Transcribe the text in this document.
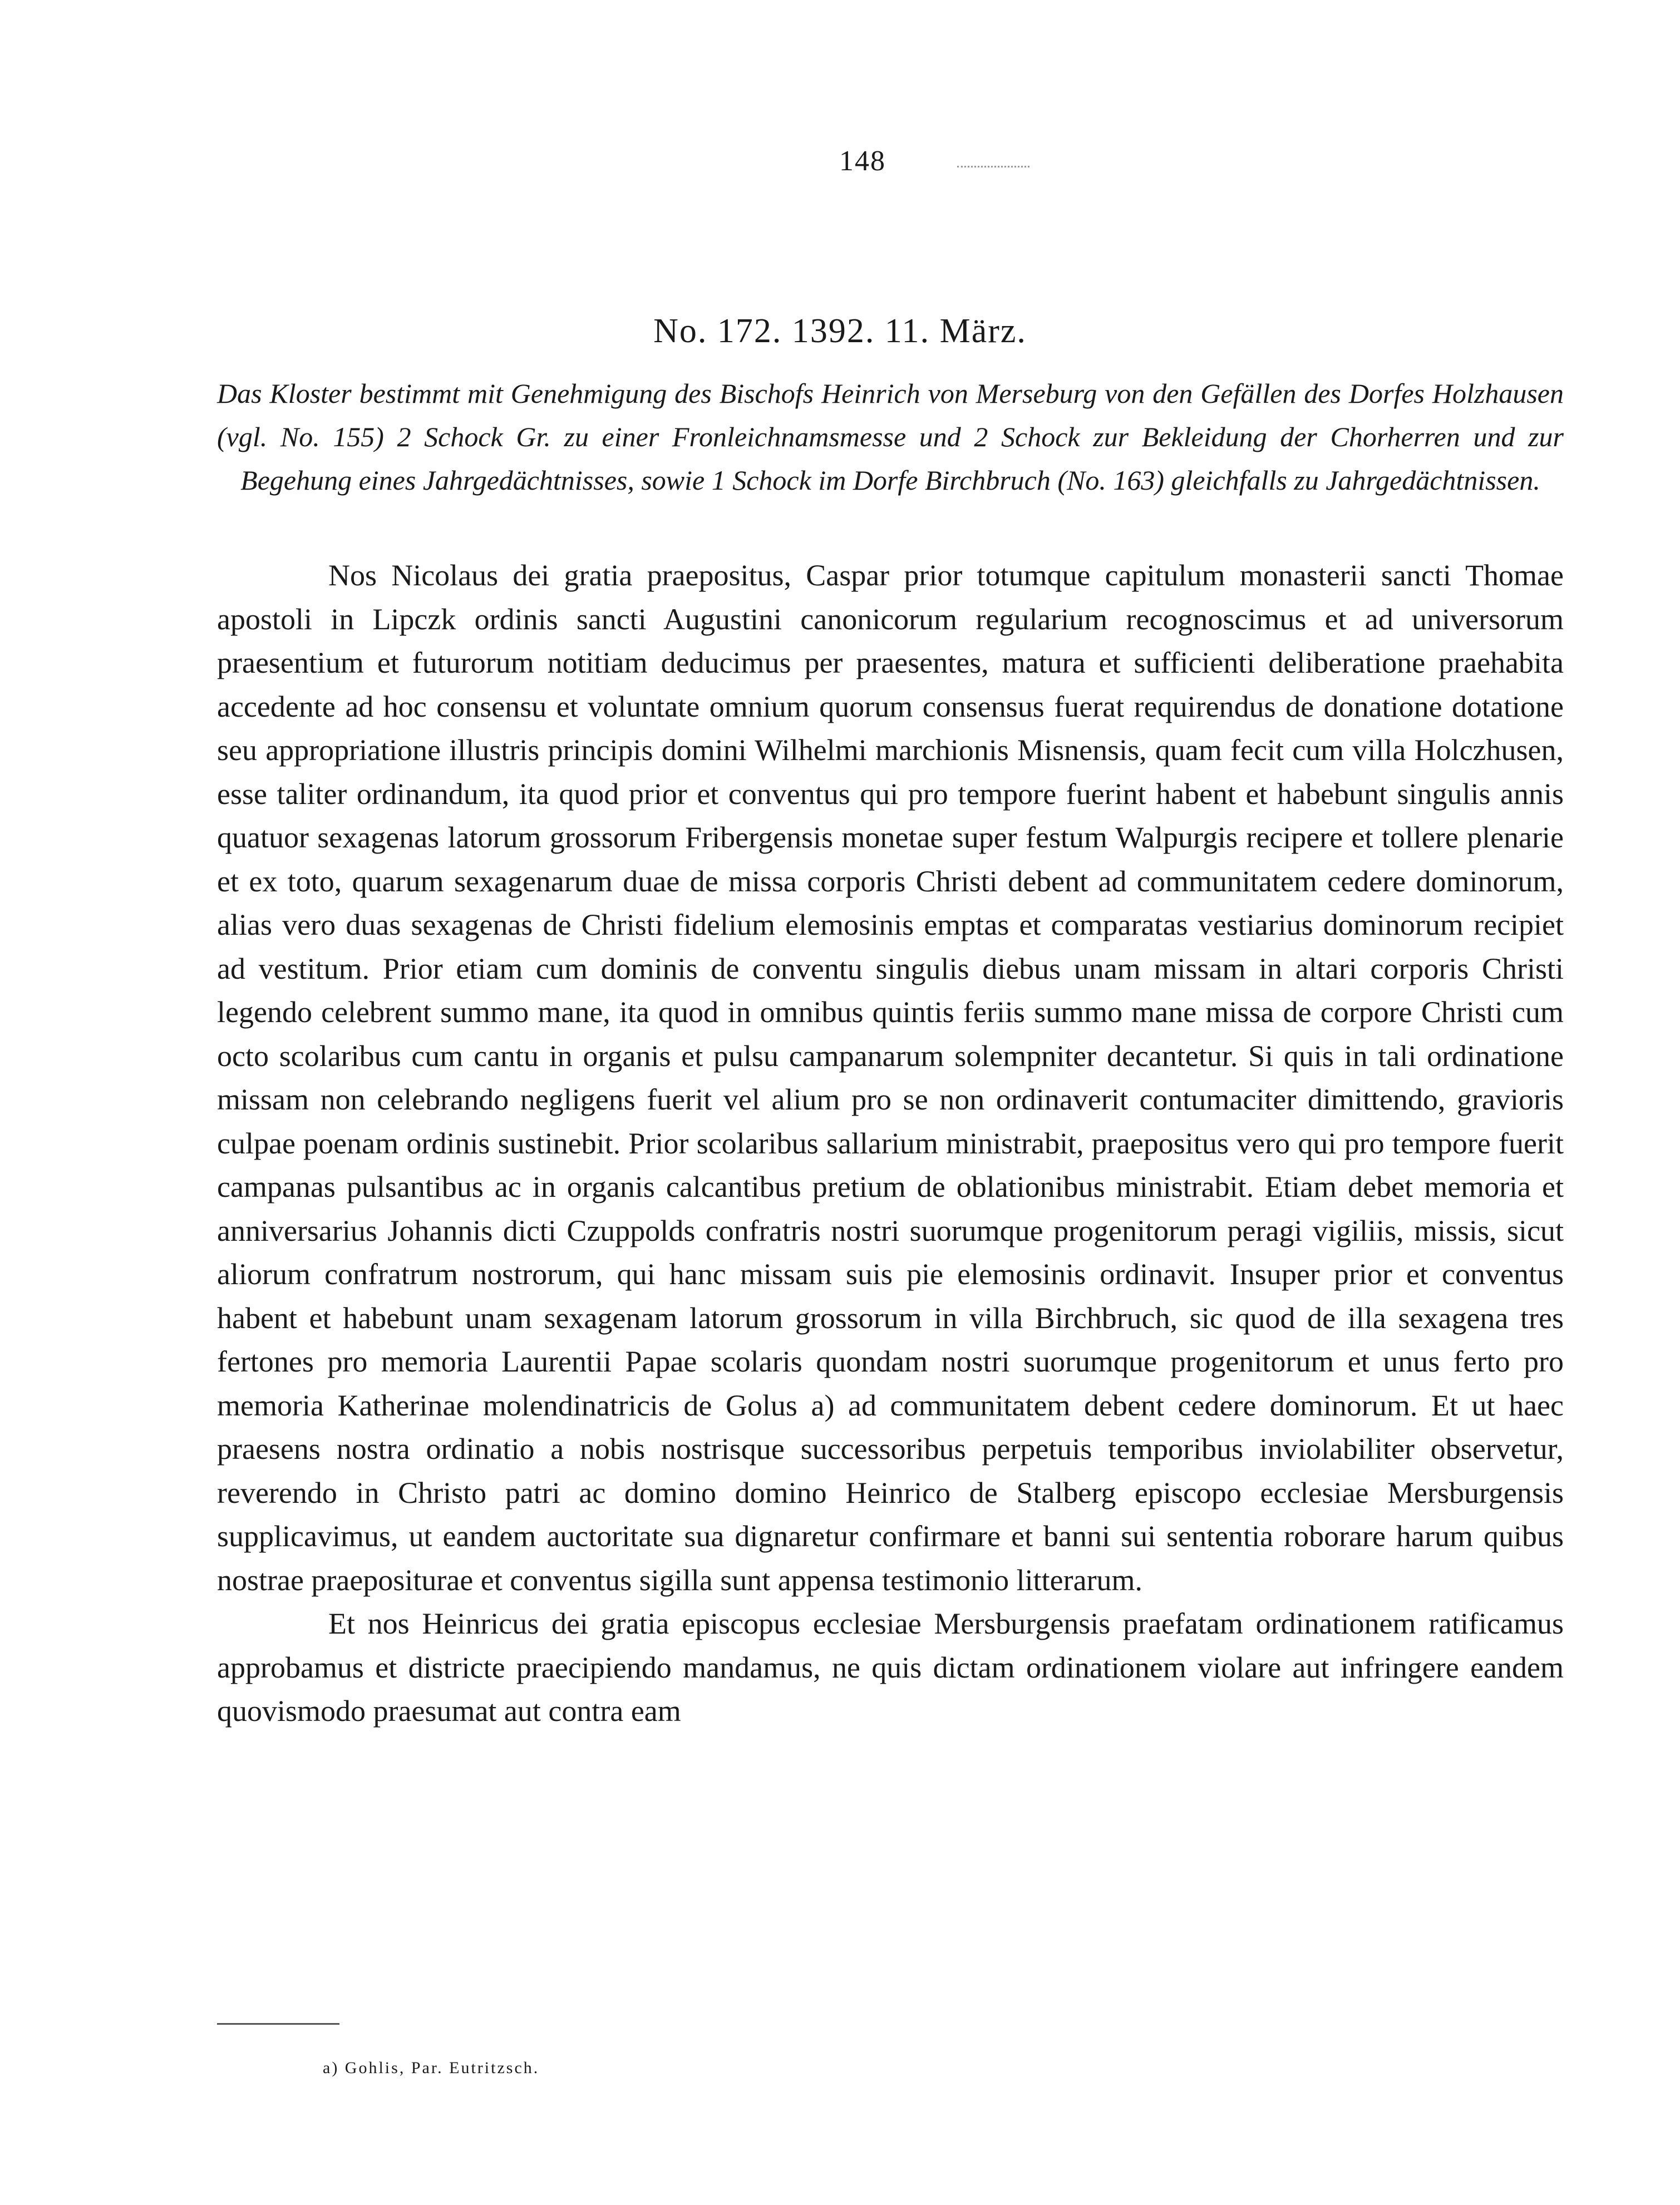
148
No. 172. 1392. 11. März.
Das Kloster bestimmt mit Genehmigung des Bischofs Heinrich von Merseburg von den Gefällen des Dorfes Holzhausen (vgl. No. 155) 2 Schock Gr. zu einer Fronleichnamsmesse und 2 Schock zur Bekleidung der Chorherren und zur Begehung eines Jahrgedächtnisses, sowie 1 Schock im Dorfe Birchbruch (No. 163) gleichfalls zu Jahrgedächtnissen.

Nos Nicolaus dei gratia praepositus, Caspar prior totumque capitulum monasterii sancti Thomae apostoli in Lipczk ordinis sancti Augustini canonicorum regularium recognoscimus et ad universorum praesentium et futurorum notitiam deducimus per praesentes, matura et sufficienti deliberatione praehabita accedente ad hoc consensu et voluntate omnium quorum consensus fuerat requirendus de donatione dotatione seu appropriatione illustris principis domini Wilhelmi marchionis Misnensis, quam fecit cum villa Holczhusen, esse taliter ordinandum, ita quod prior et conventus qui pro tempore fuerint habent et habebunt singulis annis quatuor sexagenas latorum grossorum Fribergensis monetae super festum Walpurgis recipere et tollere plenarie et ex toto, quarum sexagenarum duae de missa corporis Christi debent ad communitatem cedere dominorum, alias vero duas sexagenas de Christi fidelium elemosinis emptas et comparatas vestiarius dominorum recipiet ad vestitum. Prior etiam cum dominis de conventu singulis diebus unam missam in altari corporis Christi legendo celebrent summo mane, ita quod in omnibus quintis feriis summo mane missa de corpore Christi cum octo scolaribus cum cantu in organis et pulsu campanarum solempniter decantetur. Si quis in tali ordinatione missam non celebrando negligens fuerit vel alium pro se non ordinaverit contumaciter dimittendo, gravioris culpae poenam ordinis sustinebit. Prior scolaribus sallarium ministrabit, praepositus vero qui pro tempore fuerit campanas pulsantibus ac in organis calcantibus pretium de oblationibus ministrabit. Etiam debet memoria et anniversarius Johannis dicti Czuppolds confratris nostri suorumque progenitorum peragi vigiliis, missis, sicut aliorum confratrum nostrorum, qui hanc missam suis pie elemosinis ordinavit. Insuper prior et conventus habent et habebunt unam sexagenam latorum grossorum in villa Birchbruch, sic quod de illa sexagena tres fertones pro memoria Laurentii Papae scolaris quondam nostri suorumque progenitorum et unus ferto pro memoria Katherinae molendinatricis de Golus a) ad communitatem debent cedere dominorum. Et ut haec praesens nostra ordinatio a nobis nostrisque successoribus perpetuis temporibus inviolabiliter observetur, reverendo in Christo patri ac domino domino Heinrico de Stalberg episcopo ecclesiae Mersburgensis supplicavimus, ut eandem auctoritate sua dignaretur confirmare et banni sui sententia roborare harum quibus nostrae praeposituraе et conventus sigilla sunt appensa testimonio litterarum.

Et nos Heinricus dei gratia episcopus ecclesiae Mersburgensis praefatam ordinationem ratificamus approbamus et districte praecipiendo mandamus, ne quis dictam ordinationem violare aut infringere eandem quovismodo praesumat aut contra eam

a) Gohlis, Par. Eutritzsch.
